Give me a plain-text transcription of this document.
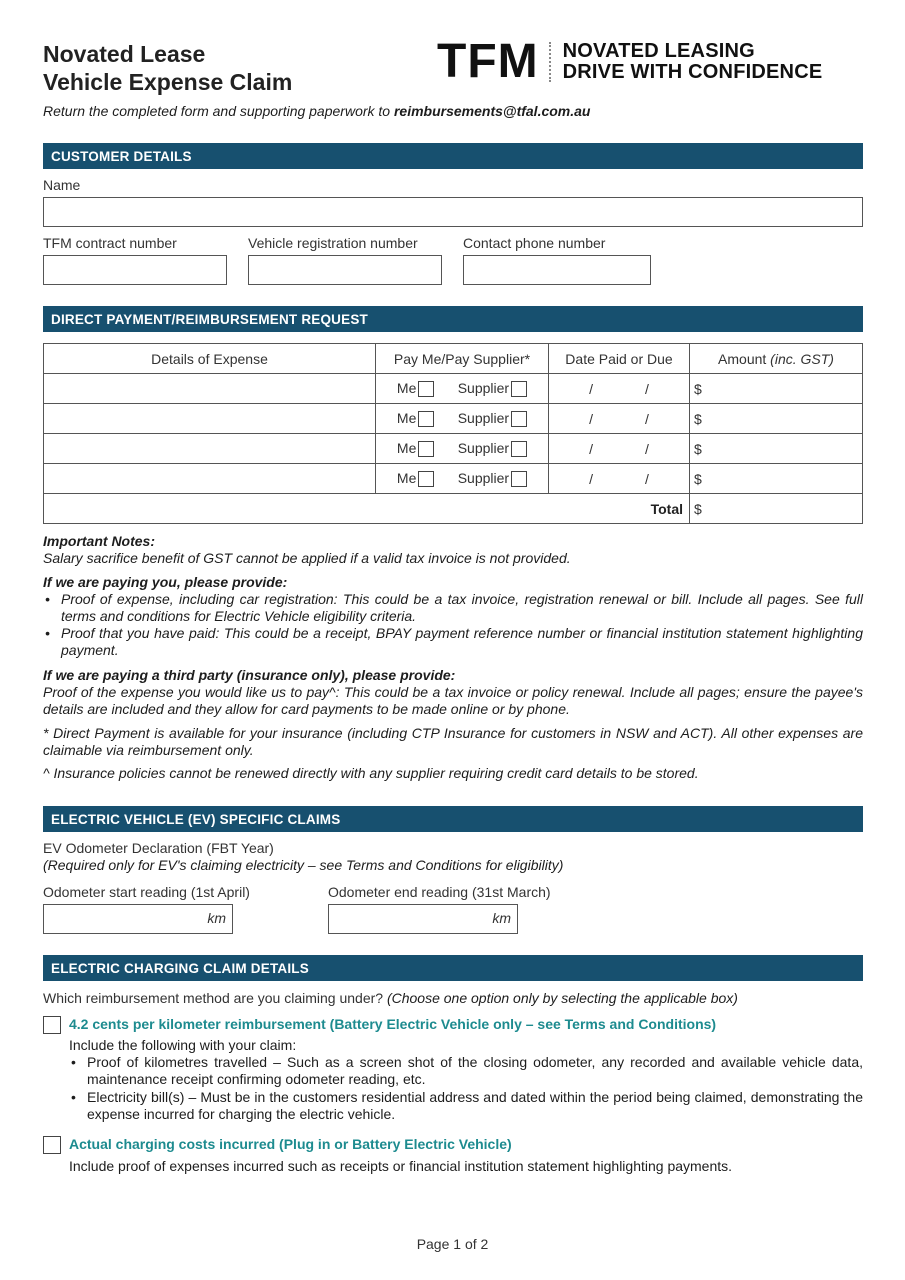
Novated Lease
Vehicle Expense Claim	TFM NOVATED LEASING
DRIVE WITH CONFIDENCE
Return the completed form and supporting paperwork to reimbursements@tfal.com.au
CUSTOMER DETAILS
Name
TFM contract number	Vehicle registration number	Contact phone number
DIRECT PAYMENT/REIMBURSEMENT REQUEST
Details of Expense	Pay Me/Pay Supplier*	Date Paid or Due	Amount (inc. GST)
	Me Supplier	/ /	$
	Me Supplier	/ /	$
	Me Supplier	/ /	$
	Me Supplier	/ /	$
Total			$
Important Notes:
Salary sacrifice benefit of GST cannot be applied if a valid tax invoice is not provided.
If we are paying you, please provide:
• Proof of expense, including car registration: This could be a tax invoice, registration renewal or bill. Include all pages. See full terms and conditions for Electric Vehicle eligibility criteria.
• Proof that you have paid: This could be a receipt, BPAY payment reference number or financial institution statement highlighting payment.
If we are paying a third party (insurance only), please provide:
Proof of the expense you would like us to pay^: This could be a tax invoice or policy renewal. Include all pages; ensure the payee's details are included and they allow for card payments to be made online or by phone.
* Direct Payment is available for your insurance (including CTP Insurance for customers in NSW and ACT). All other expenses are claimable via reimbursement only.
^ Insurance policies cannot be renewed directly with any supplier requiring credit card details to be stored.
ELECTRIC VEHICLE (EV) SPECIFIC CLAIMS
EV Odometer Declaration (FBT Year)
(Required only for EV's claiming electricity – see Terms and Conditions for eligibility)
Odometer start reading (1st April)
km
Odometer end reading (31st March)
km
ELECTRIC CHARGING CLAIM DETAILS
Which reimbursement method are you claiming under? (Choose one option only by selecting the applicable box)
4.2 cents per kilometer reimbursement (Battery Electric Vehicle only – see Terms and Conditions)
Include the following with your claim:
• Proof of kilometres travelled – Such as a screen shot of the closing odometer, any recorded and available vehicle data, maintenance receipt confirming odometer reading, etc.
• Electricity bill(s) – Must be in the customers residential address and dated within the period being claimed, demonstrating the expense incurred for charging the electric vehicle.
Actual charging costs incurred (Plug in or Battery Electric Vehicle)
Include proof of expenses incurred such as receipts or financial institution statement highlighting payments.
Page 1 of 2
